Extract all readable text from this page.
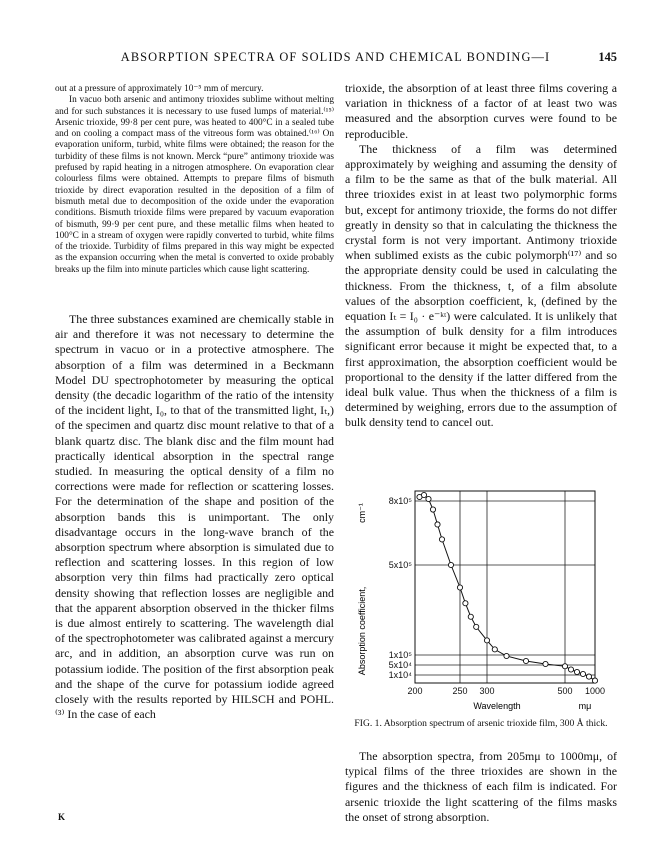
ABSORPTION SPECTRA OF SOLIDS AND CHEMICAL BONDING—I	145

out at a pressure of approximately 10⁻⁵ mm of mercury.

In vacuo both arsenic and antimony trioxides sublime without melting and for such substances it is necessary to use fused lumps of material.⁽¹⁵⁾ Arsenic trioxide, 99·8 per cent pure, was heated to 400°C in a sealed tube and on cooling a compact mass of the vitreous form was obtained.⁽¹⁶⁾ On evaporation uniform, turbid, white films were obtained; the reason for the turbidity of these films is not known. Merck “pure” antimony trioxide was prefused by rapid heating in a nitrogen atmosphere. On evaporation clear colourless films were obtained. Attempts to prepare films of bismuth trioxide by direct evaporation resulted in the deposition of a film of bismuth metal due to decomposition of the oxide under the evaporation conditions. Bismuth trioxide films were prepared by vacuum evaporation of bismuth, 99·9 per cent pure, and these metallic films when heated to 100°C in a stream of oxygen were rapidly converted to turbid, white films of the trioxide. Turbidity of films prepared in this way might be expected as the expansion occurring when the metal is converted to oxide probably breaks up the film into minute particles which cause light scattering.

The three substances examined are chemically stable in air and therefore it was not necessary to determine the spectrum in vacuo or in a protective atmosphere. The absorption of a film was determined in a Beckmann Model DU spectrophotometer by measuring the optical density (the decadic logarithm of the ratio of the intensity of the incident light, I₀, to that of the transmitted light, Iₜ,) of the specimen and quartz disc mount relative to that of a blank quartz disc. The blank disc and the film mount had practically identical absorption in the spectral range studied. In measuring the optical density of a film no corrections were made for reflection or scattering losses. For the determination of the shape and position of the absorption bands this is unimportant. The only disadvantage occurs in the long-wave branch of the absorption spectrum where absorption is simulated due to reflection and scattering losses. In this region of low absorption very thin films had practically zero optical density showing that reflection losses are negligible and that the apparent absorption observed in the thicker films is due almost entirely to scattering. The wavelength dial of the spectrophotometer was calibrated against a mercury arc, and in addition, an absorption curve was run on potassium iodide. The position of the first absorption peak and the shape of the curve for potassium iodide agreed closely with the results reported by HILSCH and POHL.⁽³⁾ In the case of each

trioxide, the absorption of at least three films covering a variation in thickness of a factor of at least two was measured and the absorption curves were found to be reproducible.

The thickness of a film was determined approximately by weighing and assuming the density of a film to be the same as that of the bulk material. All three trioxides exist in at least two polymorphic forms but, except for antimony trioxide, the forms do not differ greatly in density so that in calculating the thickness the crystal form is not very important. Antimony trioxide when sublimed exists as the cubic polymorph⁽¹⁷⁾ and so the appropriate density could be used in calculating the thickness. From the thickness, t, of a film absolute values of the absorption coefficient, k, (defined by the equation Iₜ = I₀ · e⁻ᵏᵗ) were calculated. It is unlikely that the assumption of bulk density for a film introduces significant error because it might be expected that, to a first approximation, the absorption coefficient would be proportional to the density if the latter differed from the ideal bulk value. Thus when the thickness of a film is determined by weighing, errors due to the assumption of bulk density tend to cancel out.

200	250 300	500 1000
8x10⁵
5x10⁵
1x10⁵
5x10⁴
1x10⁴
Absorption coefficient,
cm⁻¹
Wavelength	mμ
FIG. 1. Absorption spectrum of arsenic trioxide film, 300 Å thick.

The absorption spectra, from 205mμ to 1000mμ, of typical films of the three trioxides are shown in the figures and the thickness of each film is indicated. For arsenic trioxide the light scattering of the films masks the onset of strong absorption.

K
